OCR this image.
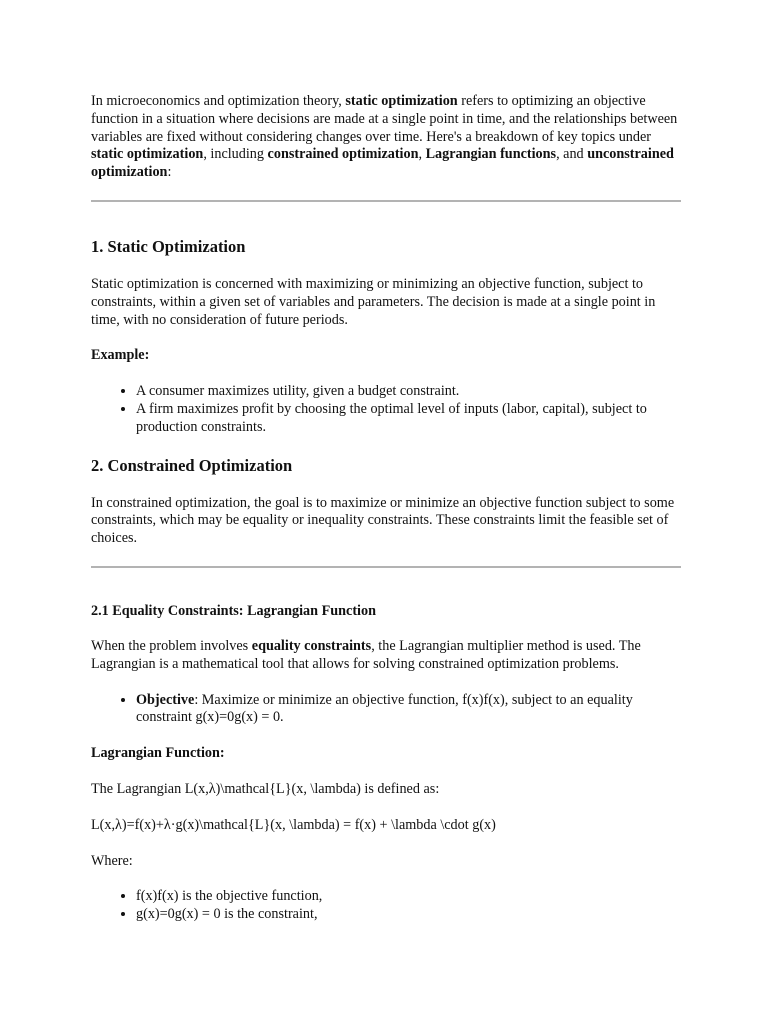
In microeconomics and optimization theory, static optimization refers to optimizing an objective function in a situation where decisions are made at a single point in time, and the relationships between variables are fixed without considering changes over time. Here's a breakdown of key topics under static optimization, including constrained optimization, Lagrangian functions, and unconstrained optimization:

1. Static Optimization

Static optimization is concerned with maximizing or minimizing an objective function, subject to constraints, within a given set of variables and parameters. The decision is made at a single point in time, with no consideration of future periods.

Example:

• A consumer maximizes utility, given a budget constraint.
• A firm maximizes profit by choosing the optimal level of inputs (labor, capital), subject to production constraints.
2. Constrained Optimization

In constrained optimization, the goal is to maximize or minimize an objective function subject to some constraints, which may be equality or inequality constraints. These constraints limit the feasible set of choices.

2.1 Equality Constraints: Lagrangian Function

When the problem involves equality constraints, the Lagrangian multiplier method is used. The Lagrangian is a mathematical tool that allows for solving constrained optimization problems.

• Objective: Maximize or minimize an objective function, f(x)f(x), subject to an equality constraint g(x)=0g(x) = 0.

Lagrangian Function:

The Lagrangian L(x,λ)\mathcal{L}(x, \lambda) is defined as:

L(x,λ)=f(x)+λ·g(x)\mathcal{L}(x, \lambda) = f(x) + \lambda \cdot g(x)

Where:

• f(x)f(x) is the objective function,
• g(x)=0g(x) = 0 is the constraint,
